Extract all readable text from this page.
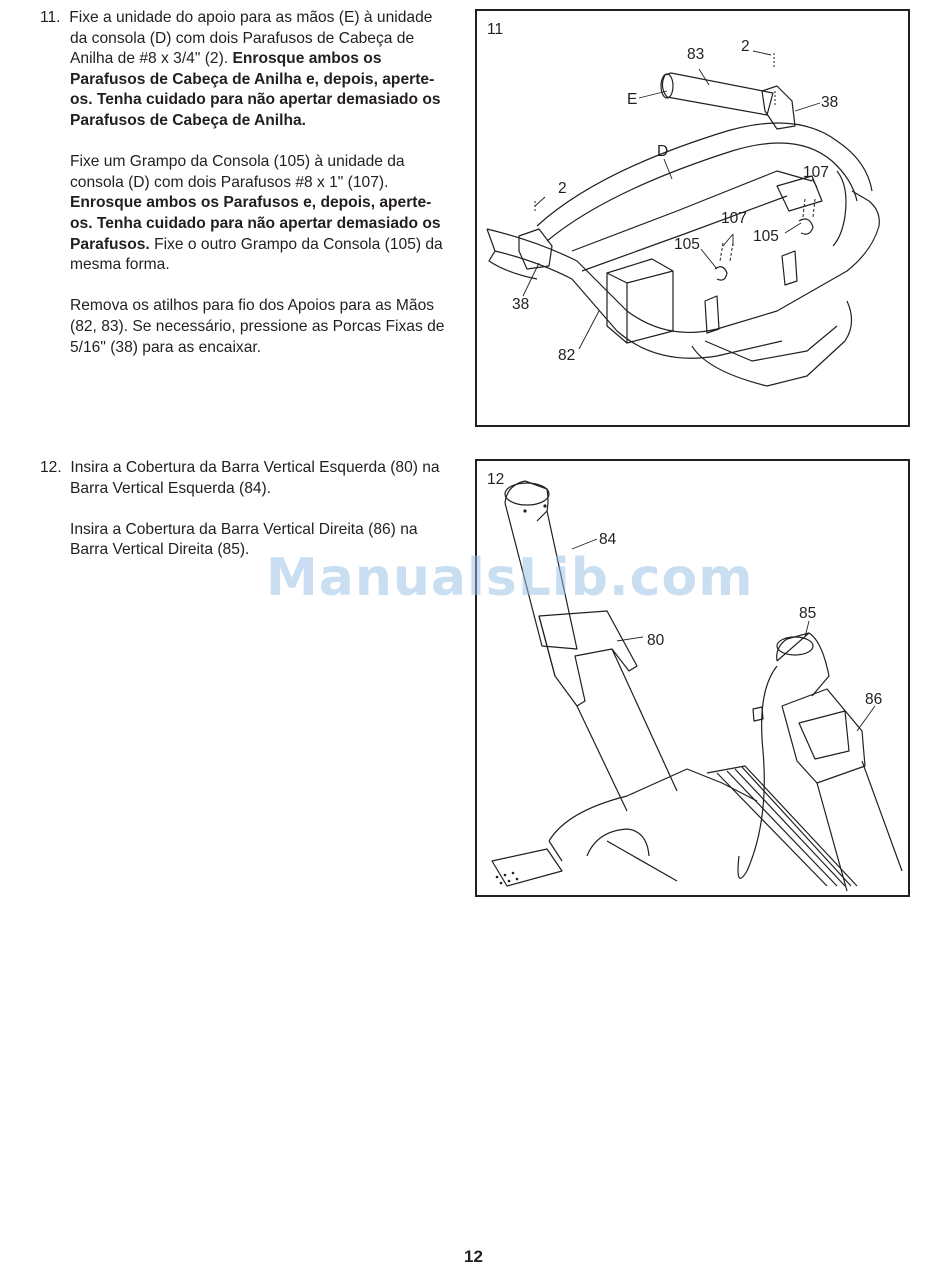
11. Fixe a unidade do apoio para as mãos (E) à unidade da consola (D) com dois Parafusos de Cabeça de Anilha de #8 x 3/4" (2). Enrosque ambos os Parafusos de Cabeça de Anilha e, depois, aperte-os. Tenha cuidado para não apertar demasiado os Parafusos de Cabeça de Anilha.

Fixe um Grampo da Consola (105) à unidade da consola (D) com dois Parafusos #8 x 1" (107). Enrosque ambos os Parafusos e, depois, aperte-os. Tenha cuidado para não apertar demasiado os Parafusos. Fixe o outro Grampo da Consola (105) da mesma forma.

Remova os atilhos para fio dos Apoios para as Mãos (82, 83). Se necessário, pressione as Porcas Fixas de 5/16" (38) para as encaixar.

12. Insira a Cobertura da Barra Vertical Esquerda (80) na Barra Vertical Esquerda (84).

Insira a Cobertura da Barra Vertical Direita (86) na Barra Vertical Direita (85).

11
83 2
E	38
D
107
2
107
105	105
38
82
12
84
80
85
86
ManualsLib.com
12
